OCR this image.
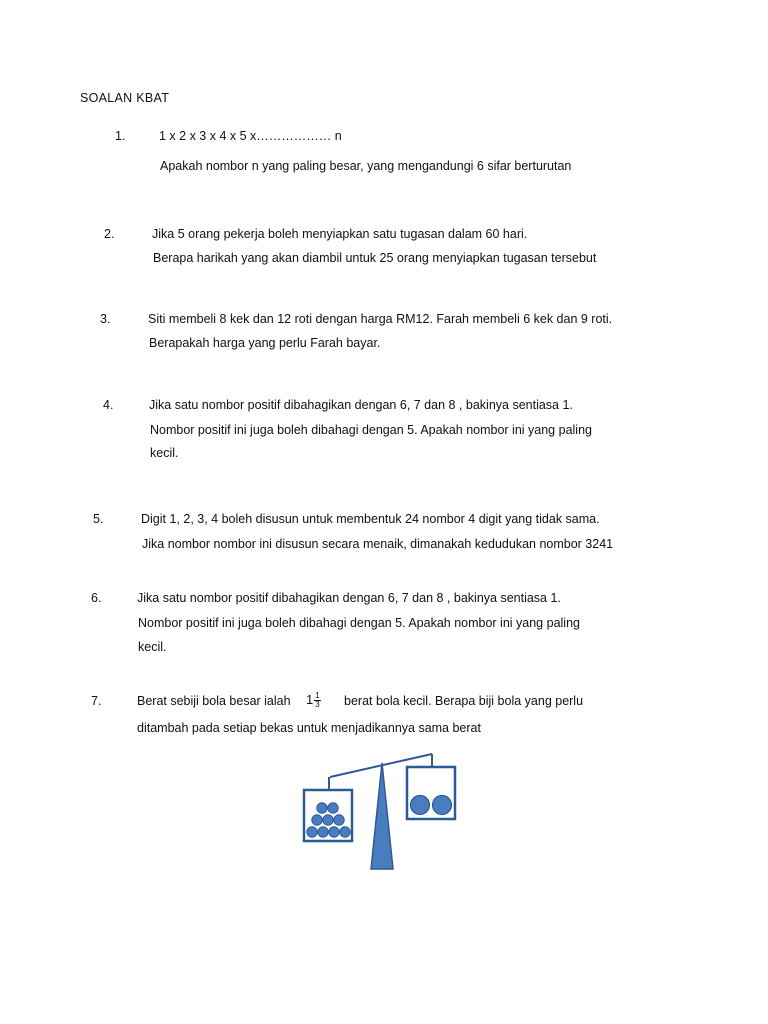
SOALAN KBAT
1.	1 x 2 x 3 x 4 x 5 x……………… n
Apakah nombor n yang paling besar, yang mengandungi 6 sifar berturutan
2.	Jika 5 orang pekerja boleh menyiapkan satu tugasan dalam 60 hari.
Berapa harikah yang akan diambil untuk 25 orang menyiapkan tugasan tersebut
3.	Siti membeli 8 kek dan 12 roti dengan harga RM12. Farah membeli 6 kek dan 9 roti.
Berapakah harga yang perlu Farah bayar.
4.	Jika satu nombor positif dibahagikan dengan 6, 7 dan 8 , bakinya sentiasa 1.
Nombor positif ini juga boleh dibahagi dengan 5. Apakah nombor ini yang paling
kecil.
5.	Digit 1, 2, 3, 4 boleh disusun untuk membentuk 24 nombor 4 digit yang tidak sama.
Jika nombor nombor ini disusun secara menaik, dimanakah kedudukan nombor 3241
6.	Jika satu nombor positif dibahagikan dengan 6, 7 dan 8 , bakinya sentiasa 1.
Nombor positif ini juga boleh dibahagi dengan 5. Apakah nombor ini yang paling
kecil.
7.	Berat sebiji bola besar ialah $1 \frac{1}{3}$ berat bola kecil. Berapa biji bola yang perlu
ditambah pada setiap bekas untuk menjadikannya sama berat
